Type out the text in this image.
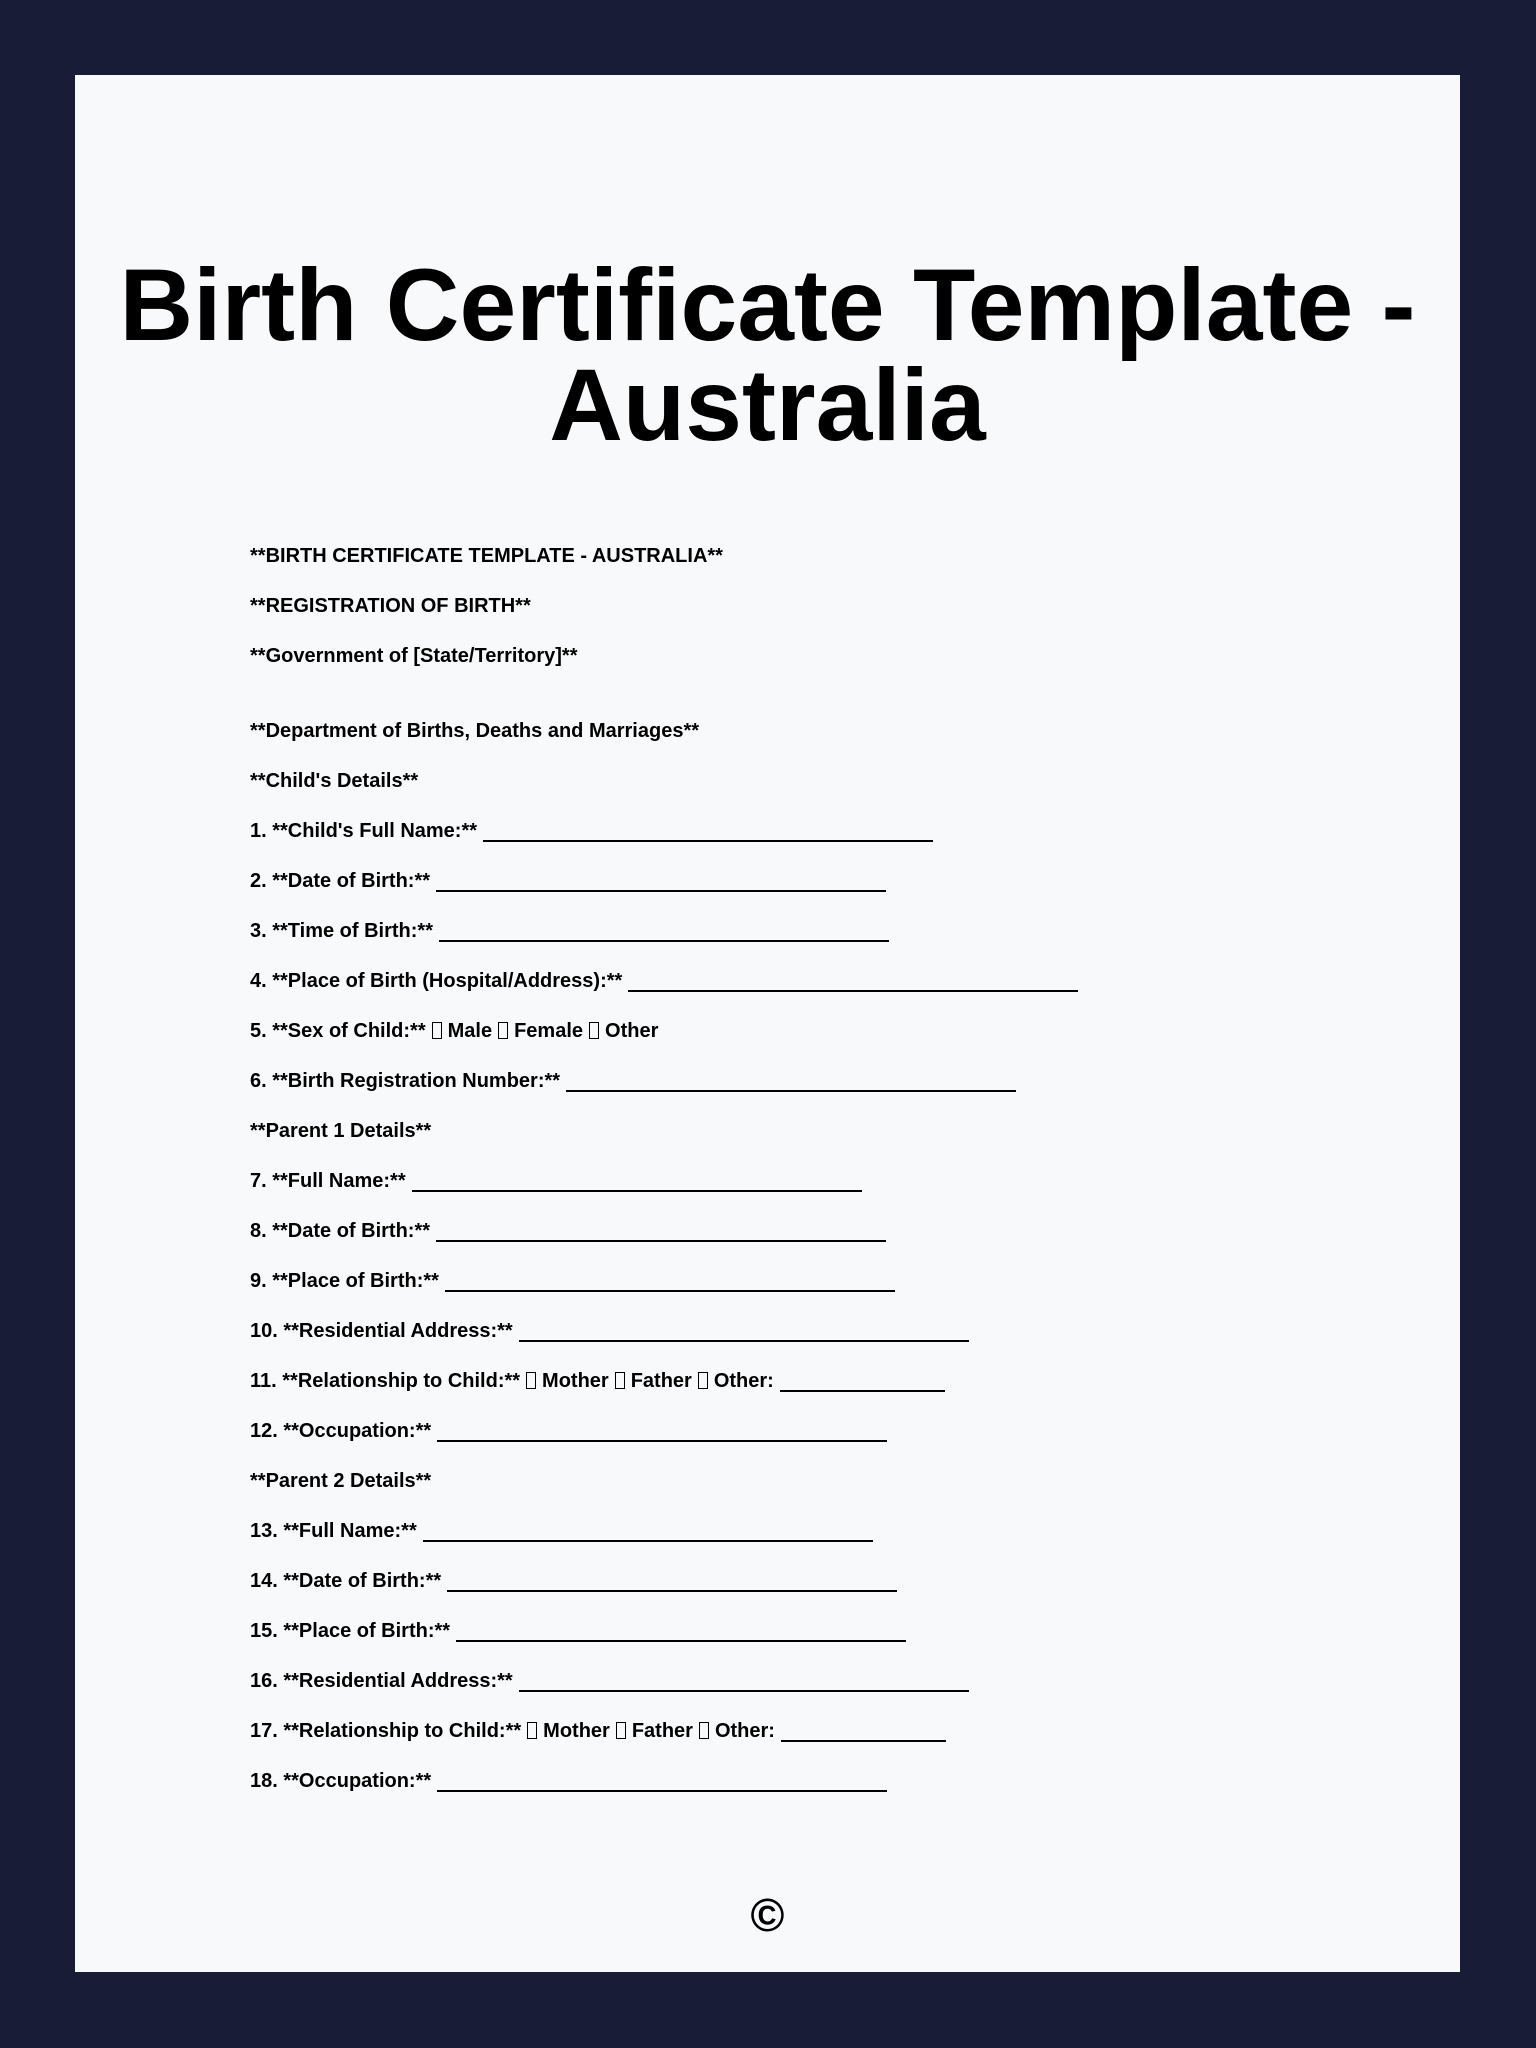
Birth Certificate Template - Australia
**BIRTH CERTIFICATE TEMPLATE - AUSTRALIA**
**REGISTRATION OF BIRTH**
**Government of [State/Territory]**
**Department of Births, Deaths and Marriages**
**Child's Details**
1. **Child's Full Name:**
2. **Date of Birth:**
3. **Time of Birth:**
4. **Place of Birth (Hospital/Address):**
5. **Sex of Child:** Male Female Other
6. **Birth Registration Number:**
**Parent 1 Details**
7. **Full Name:**
8. **Date of Birth:**
9. **Place of Birth:**
10. **Residential Address:**
11. **Relationship to Child:** Mother Father Other:
12. **Occupation:**
**Parent 2 Details**
13. **Full Name:**
14. **Date of Birth:**
15. **Place of Birth:**
16. **Residential Address:**
17. **Relationship to Child:** Mother Father Other:
18. **Occupation:**
©
